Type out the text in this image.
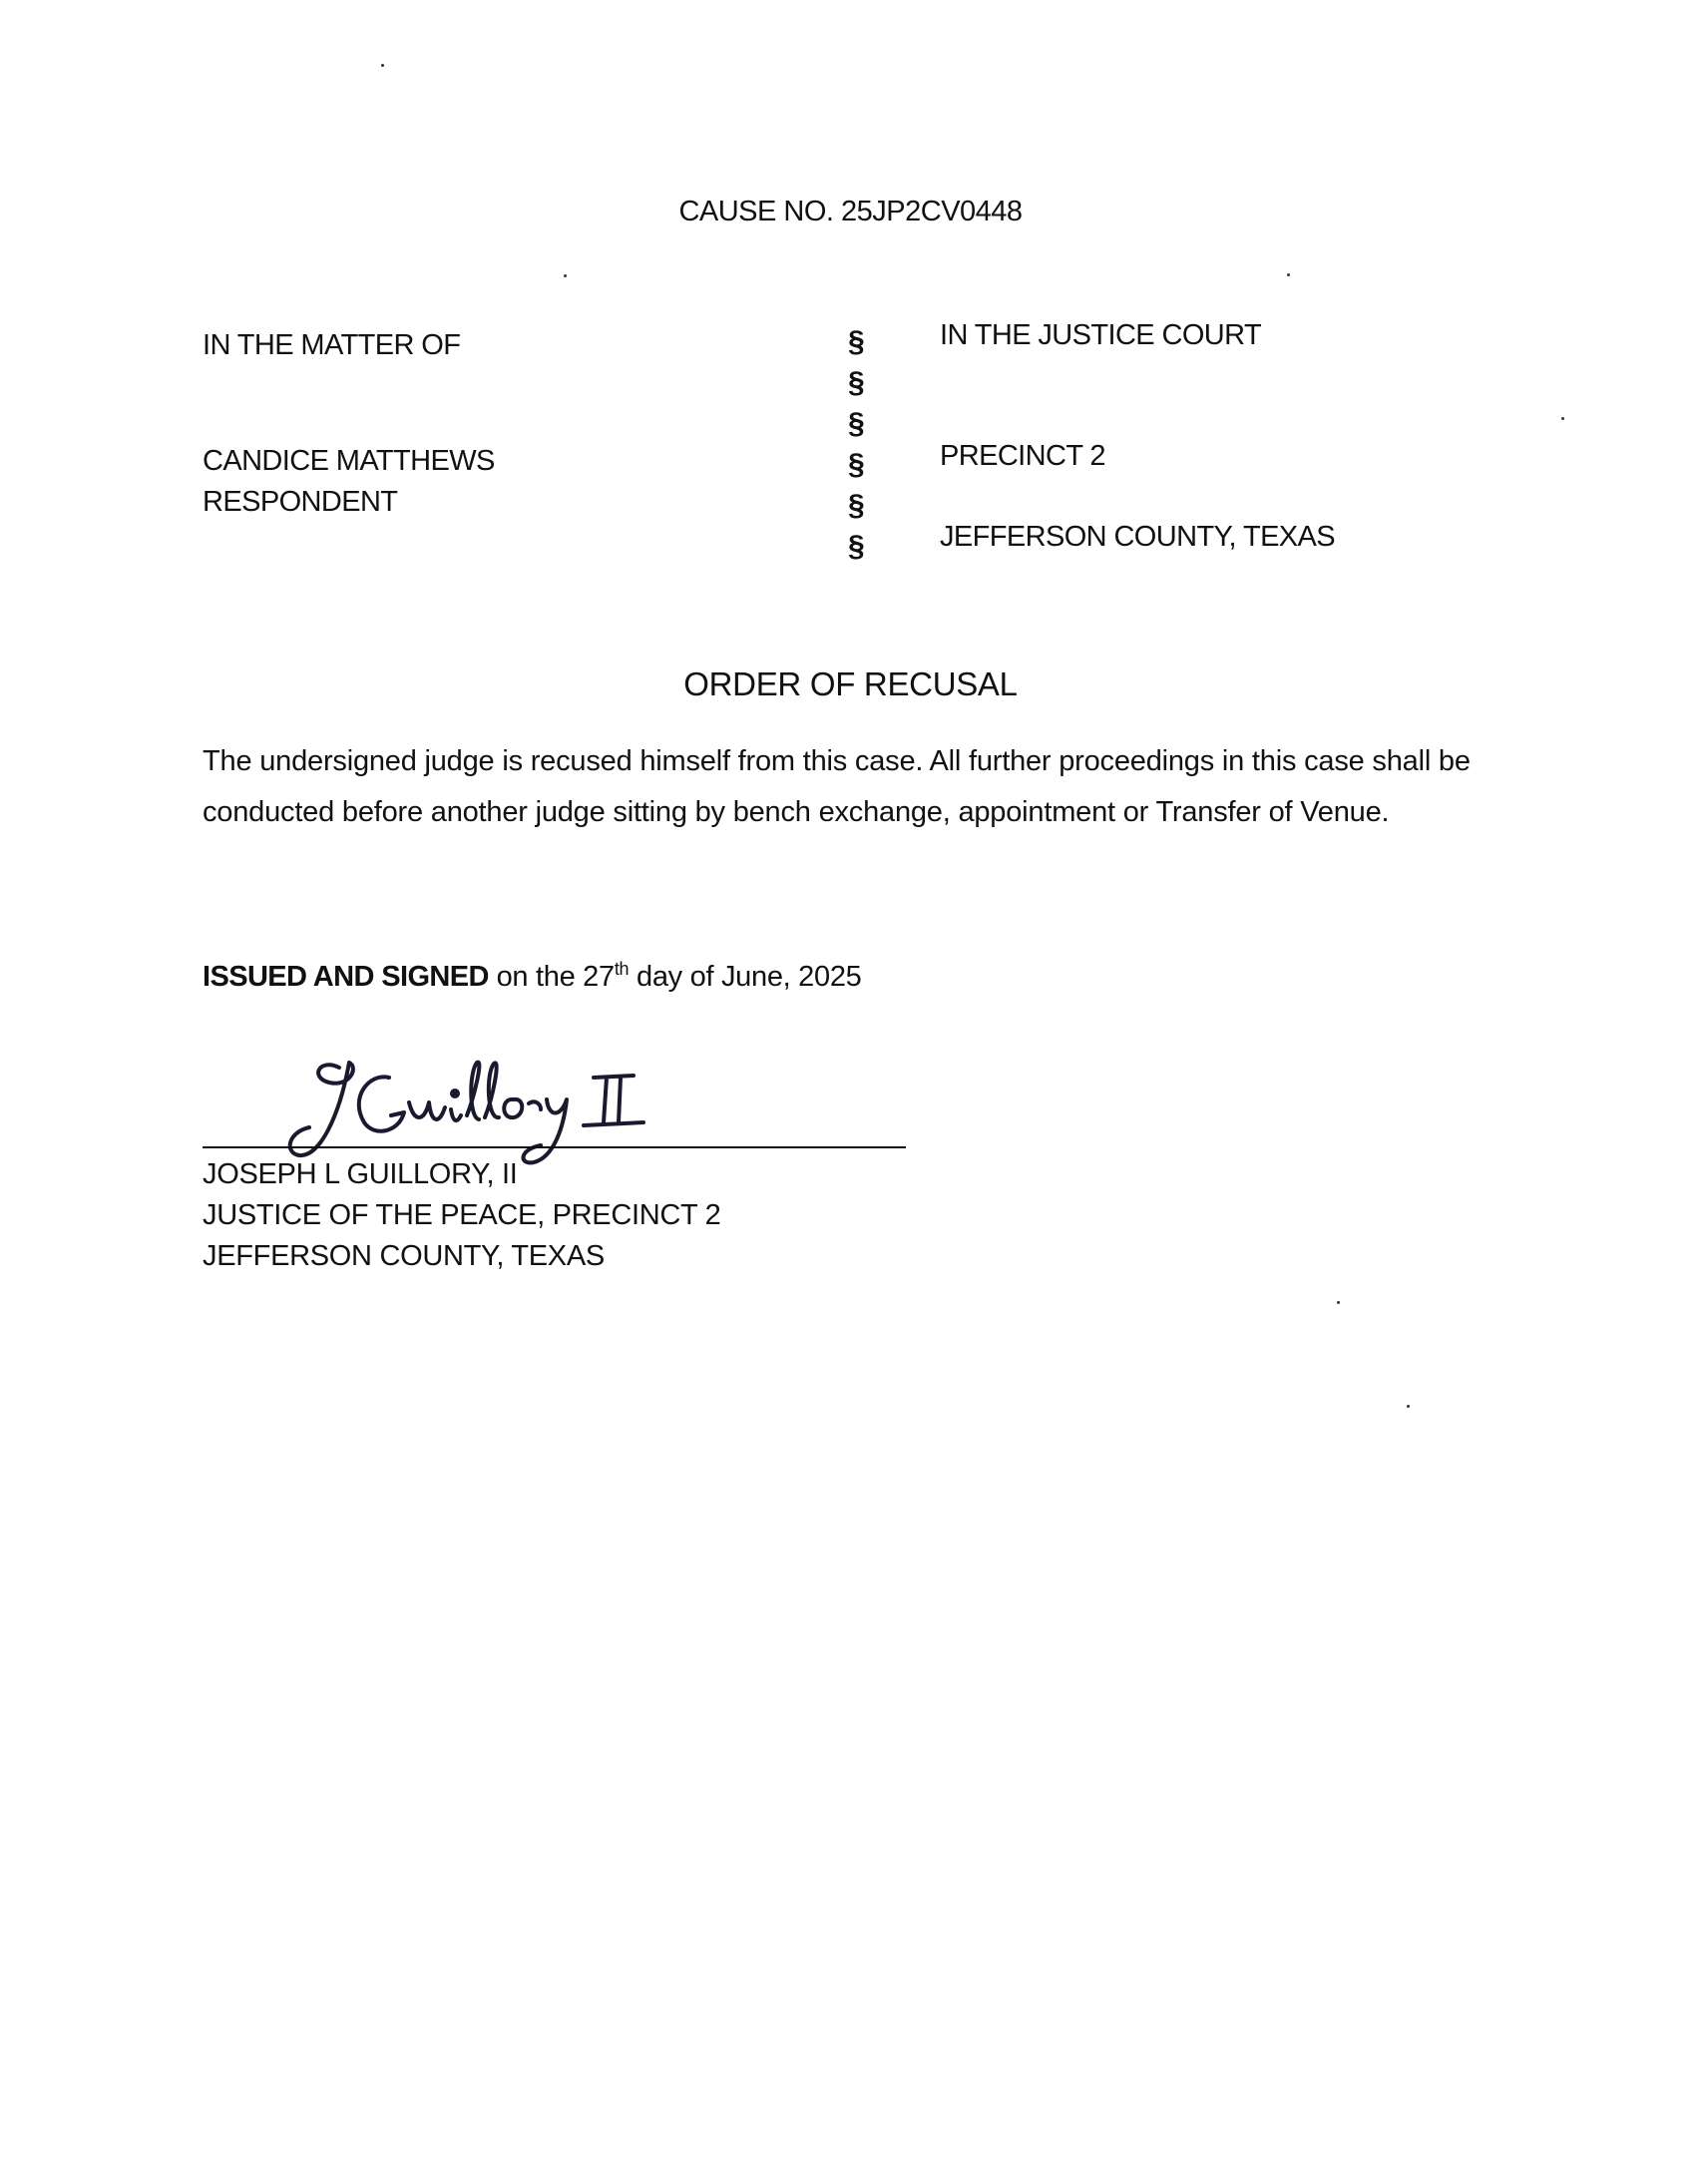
CAUSE NO. 25JP2CV0448
IN THE MATTER OF
CANDICE MATTHEWS
RESPONDENT
§
§
§
§
§
§
IN THE JUSTICE COURT
PRECINCT 2
JEFFERSON COUNTY, TEXAS
ORDER OF RECUSAL
The undersigned judge is recused himself from this case. All further proceedings in this case shall be conducted before another judge sitting by bench exchange, appointment or Transfer of Venue.
ISSUED AND SIGNED on the 27th day of June, 2025
JOSEPH L GUILLORY, II
JUSTICE OF THE PEACE, PRECINCT 2
JEFFERSON COUNTY, TEXAS
